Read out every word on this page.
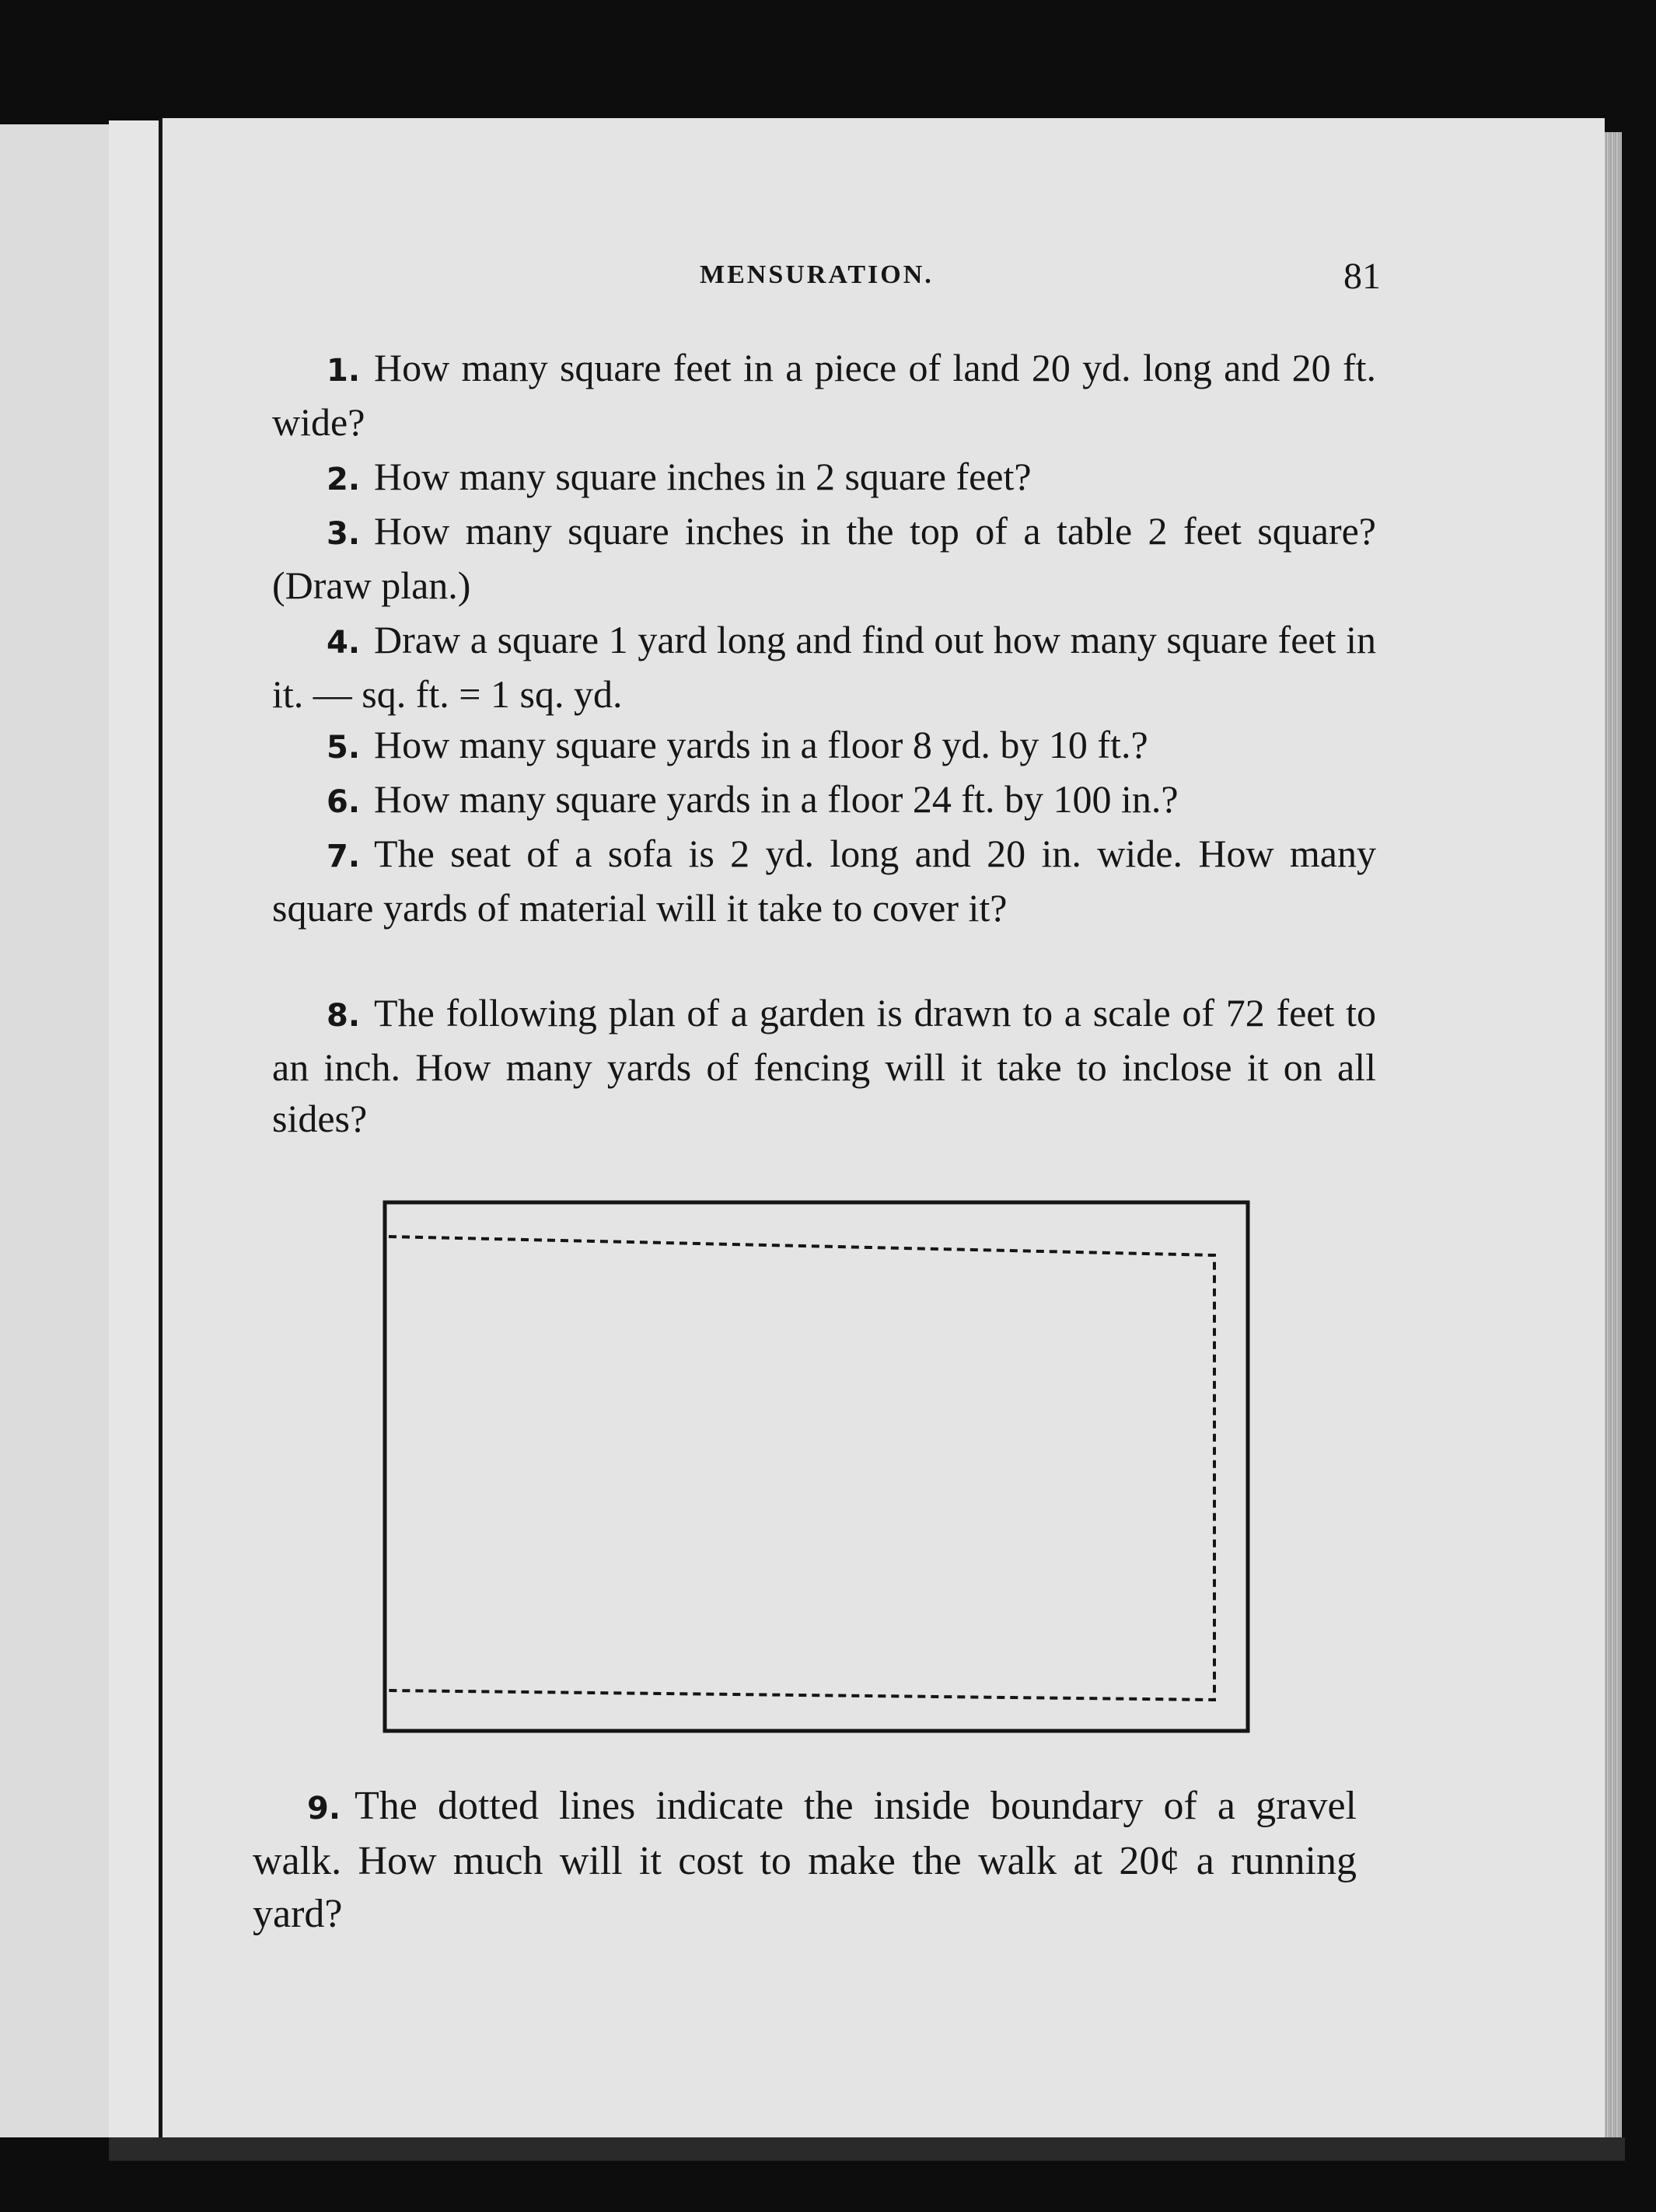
MENSURATION.	81

1. How many square feet in a piece of land 20 yd. long and 20 ft. wide?

2. How many square inches in 2 square feet?

3. How many square inches in the top of a table 2 feet square? (Draw plan.)

4. Draw a square 1 yard long and find out how many square feet in it. — sq. ft. = 1 sq. yd.

5. How many square yards in a floor 8 yd. by 10 ft.?

6. How many square yards in a floor 24 ft. by 100 in.?

7. The seat of a sofa is 2 yd. long and 20 in. wide. How many square yards of material will it take to cover it?

8. The following plan of a garden is drawn to a scale of 72 feet to an inch. How many yards of fencing will it take to inclose it on all sides?

9. The dotted lines indicate the inside boundary of a gravel walk. How much will it cost to make the walk at 20¢ a running yard?
